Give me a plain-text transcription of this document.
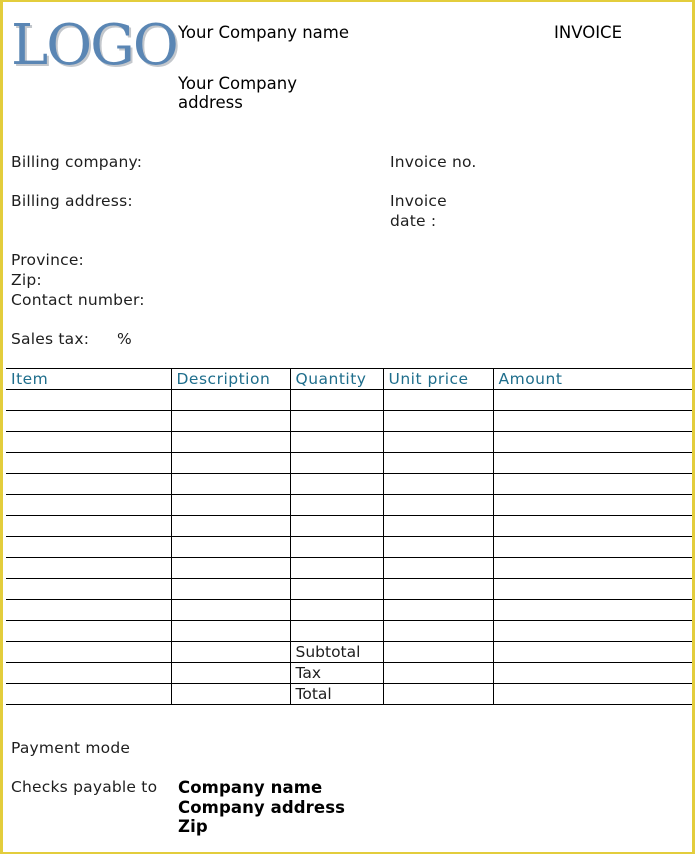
LOGO Your Company name	INVOICE
Your Company
address
Billing company:	Invoice no.
Billing address:	Invoice
date :
Province:
Zip:
Contact number:
Sales tax: %
Item	Description	Quantity	Unit price	Amount

		Subtotal		
		Tax		
		Total		
Payment mode
Checks payable to Company name
Company address
Zip
